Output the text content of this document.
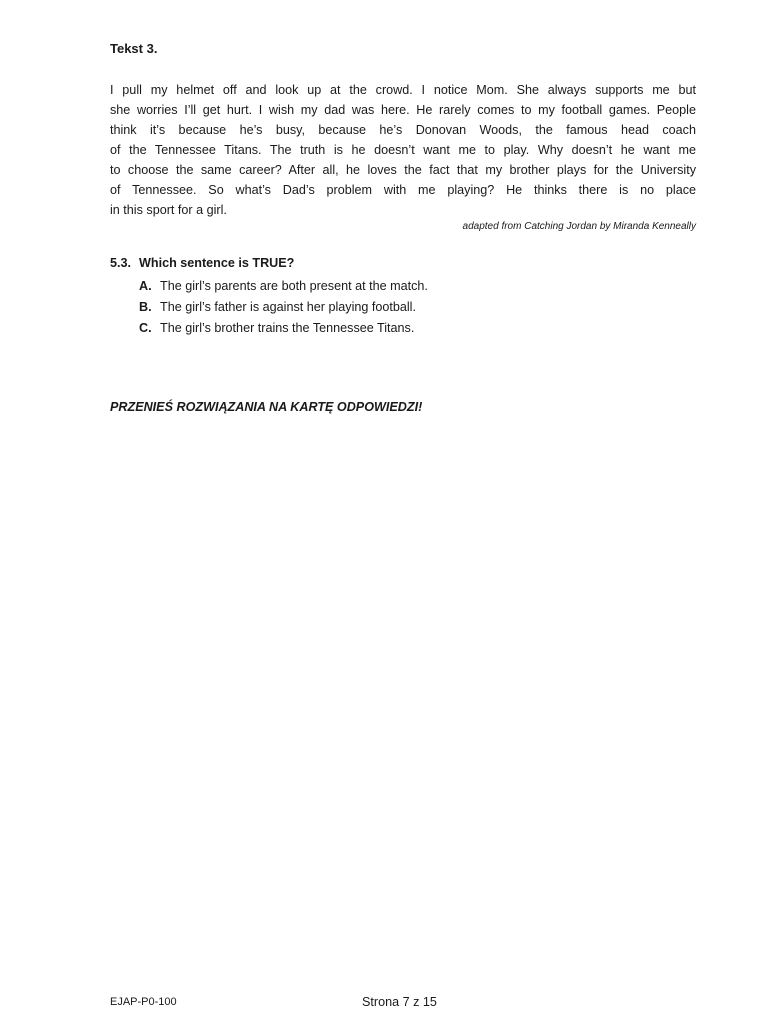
Tekst 3.
I pull my helmet off and look up at the crowd. I notice Mom. She always supports me but
she worries I’ll get hurt. I wish my dad was here. He rarely comes to my football games. People
think it’s because he’s busy, because he’s Donovan Woods, the famous head coach
of the Tennessee Titans. The truth is he doesn’t want me to play. Why doesn’t he want me
to choose the same career? After all, he loves the fact that my brother plays for the University
of Tennessee. So what’s Dad’s problem with me playing? He thinks there is no place
in this sport for a girl.
adapted from Catching Jordan by Miranda Kenneally
5.3. Which sentence is TRUE?
A. The girl’s parents are both present at the match.
B. The girl’s father is against her playing football.
C. The girl’s brother trains the Tennessee Titans.
PRZENIEŚ ROZWIĄZANIA NA KARTĘ ODPOWIEDZI!
EJAP-P0-100	Strona 7 z 15
